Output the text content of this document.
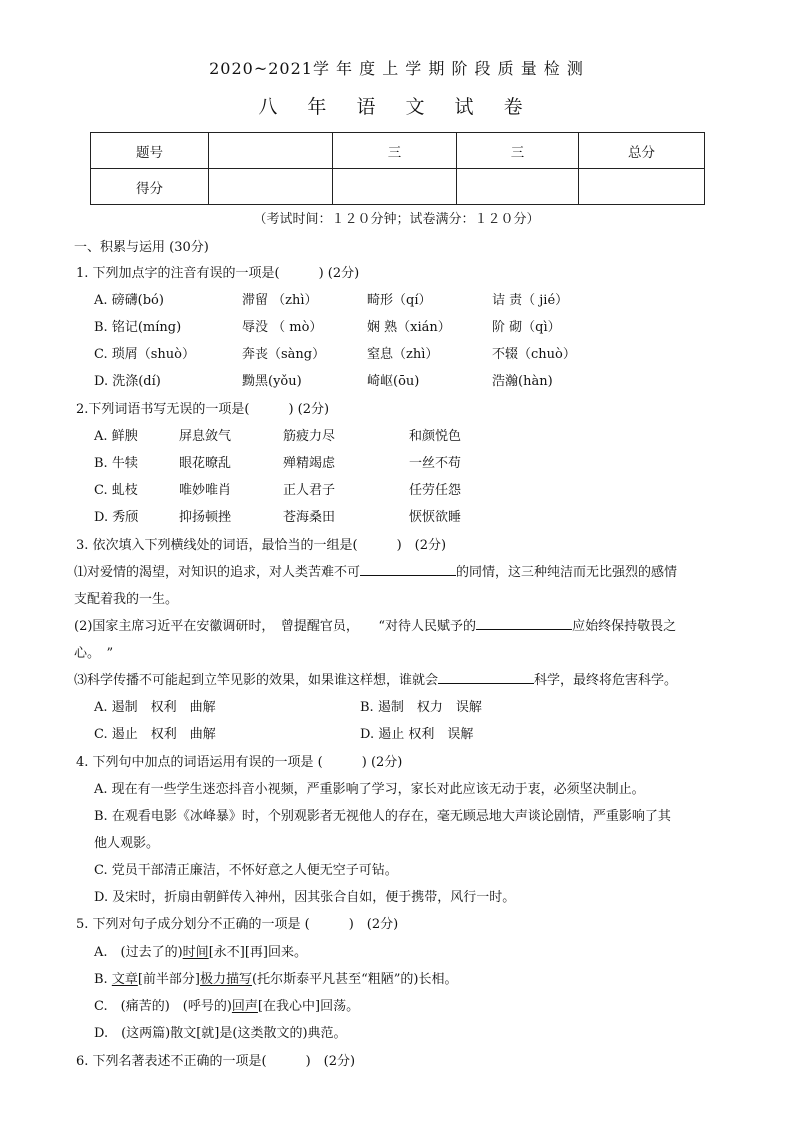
2020~2021学 年 度 上 学 期 阶 段 质 量 检 测
八 年 语 文 试 卷
题号		三	三	总分
得分				
（考试时间：１２０分钟；试卷满分：１２０分）
一、积累与运用 (30分)
1. 下列加点字的注音有误的一项是(　　　) (2分)
A. 磅礴(bó)	滞留 （zhì）	畸形（qí）	诘 责（ jié）
B. 铭记(míng)	辱没 （ mò）	娴 熟（xián）	阶 砌（qì）
C. 琐屑（shuò）	奔丧（sàng）	窒息（zhì）	不辍（chuò）
D. 洗涤(dí)	黝黑(yǒu)	崎岖(ōu)	浩瀚(hàn)
2.下列词语书写无误的一项是(　　　) (2分)
A. 鲜腴	屏息敛气	筋疲力尽	和颜悦色
B. 牛犊	眼花暸乱	殚精竭虑	一丝不苟
C. 虬枝	唯妙唯肖	正人君子	任劳任怨
D. 秀颀	抑扬顿挫	苍海桑田	恹恹欲睡
3. 依次填入下列横线处的词语，最恰当的一组是(　　　)　(2分)
⑴对爱情的渴望，对知识的追求，对人类苦难不可	的同情，这三种纯洁而无比强烈的感情
支配着我的一生。
(2)国家主席习近平在安徽调研时，　曾提醒官员，　　“对待人民赋予的	应始终保持敬畏之
心。　”
⑶科学传播不可能起到立竿见影的效果，如果谁这样想，谁就会	科学，最终将危害科学。
A. 遏制　权利　曲解	B. 遏制　权力　误解
C. 遏止　权利　曲解	D. 遏止 权利　误解
4. 下列句中加点的词语运用有误的一项是 (　　　) (2分)
A. 现在有一些学生迷恋抖音小视频，严重影响了学习，家长对此应该无动于衷，必须坚决制止。
B. 在观看电影《冰峰暴》时，个别观影者无视他人的存在，毫无顾忌地大声谈论剧情，严重影响了其
他人观影。
C. 党员干部清正廉洁，不怀好意之人便无空子可钻。
D. 及宋时，折扇由朝鲜传入神州，因其张合自如，便于携带，风行一时。
5. 下列对句子成分划分不正确的一项是 (　　　)　(2分)
A.　(过去了的)时间[永不][再]回来。
B. 文章[前半部分]极力描写(托尔斯泰平凡甚至“粗陋”的)长相。
C.　(痛苦的)　(呼号的)回声[在我心中]回荡。
D.　(这两篇)散文[就]是(这类散文的)典范。
6. 下列名著表述不正确的一项是(　　　)　(2分)
